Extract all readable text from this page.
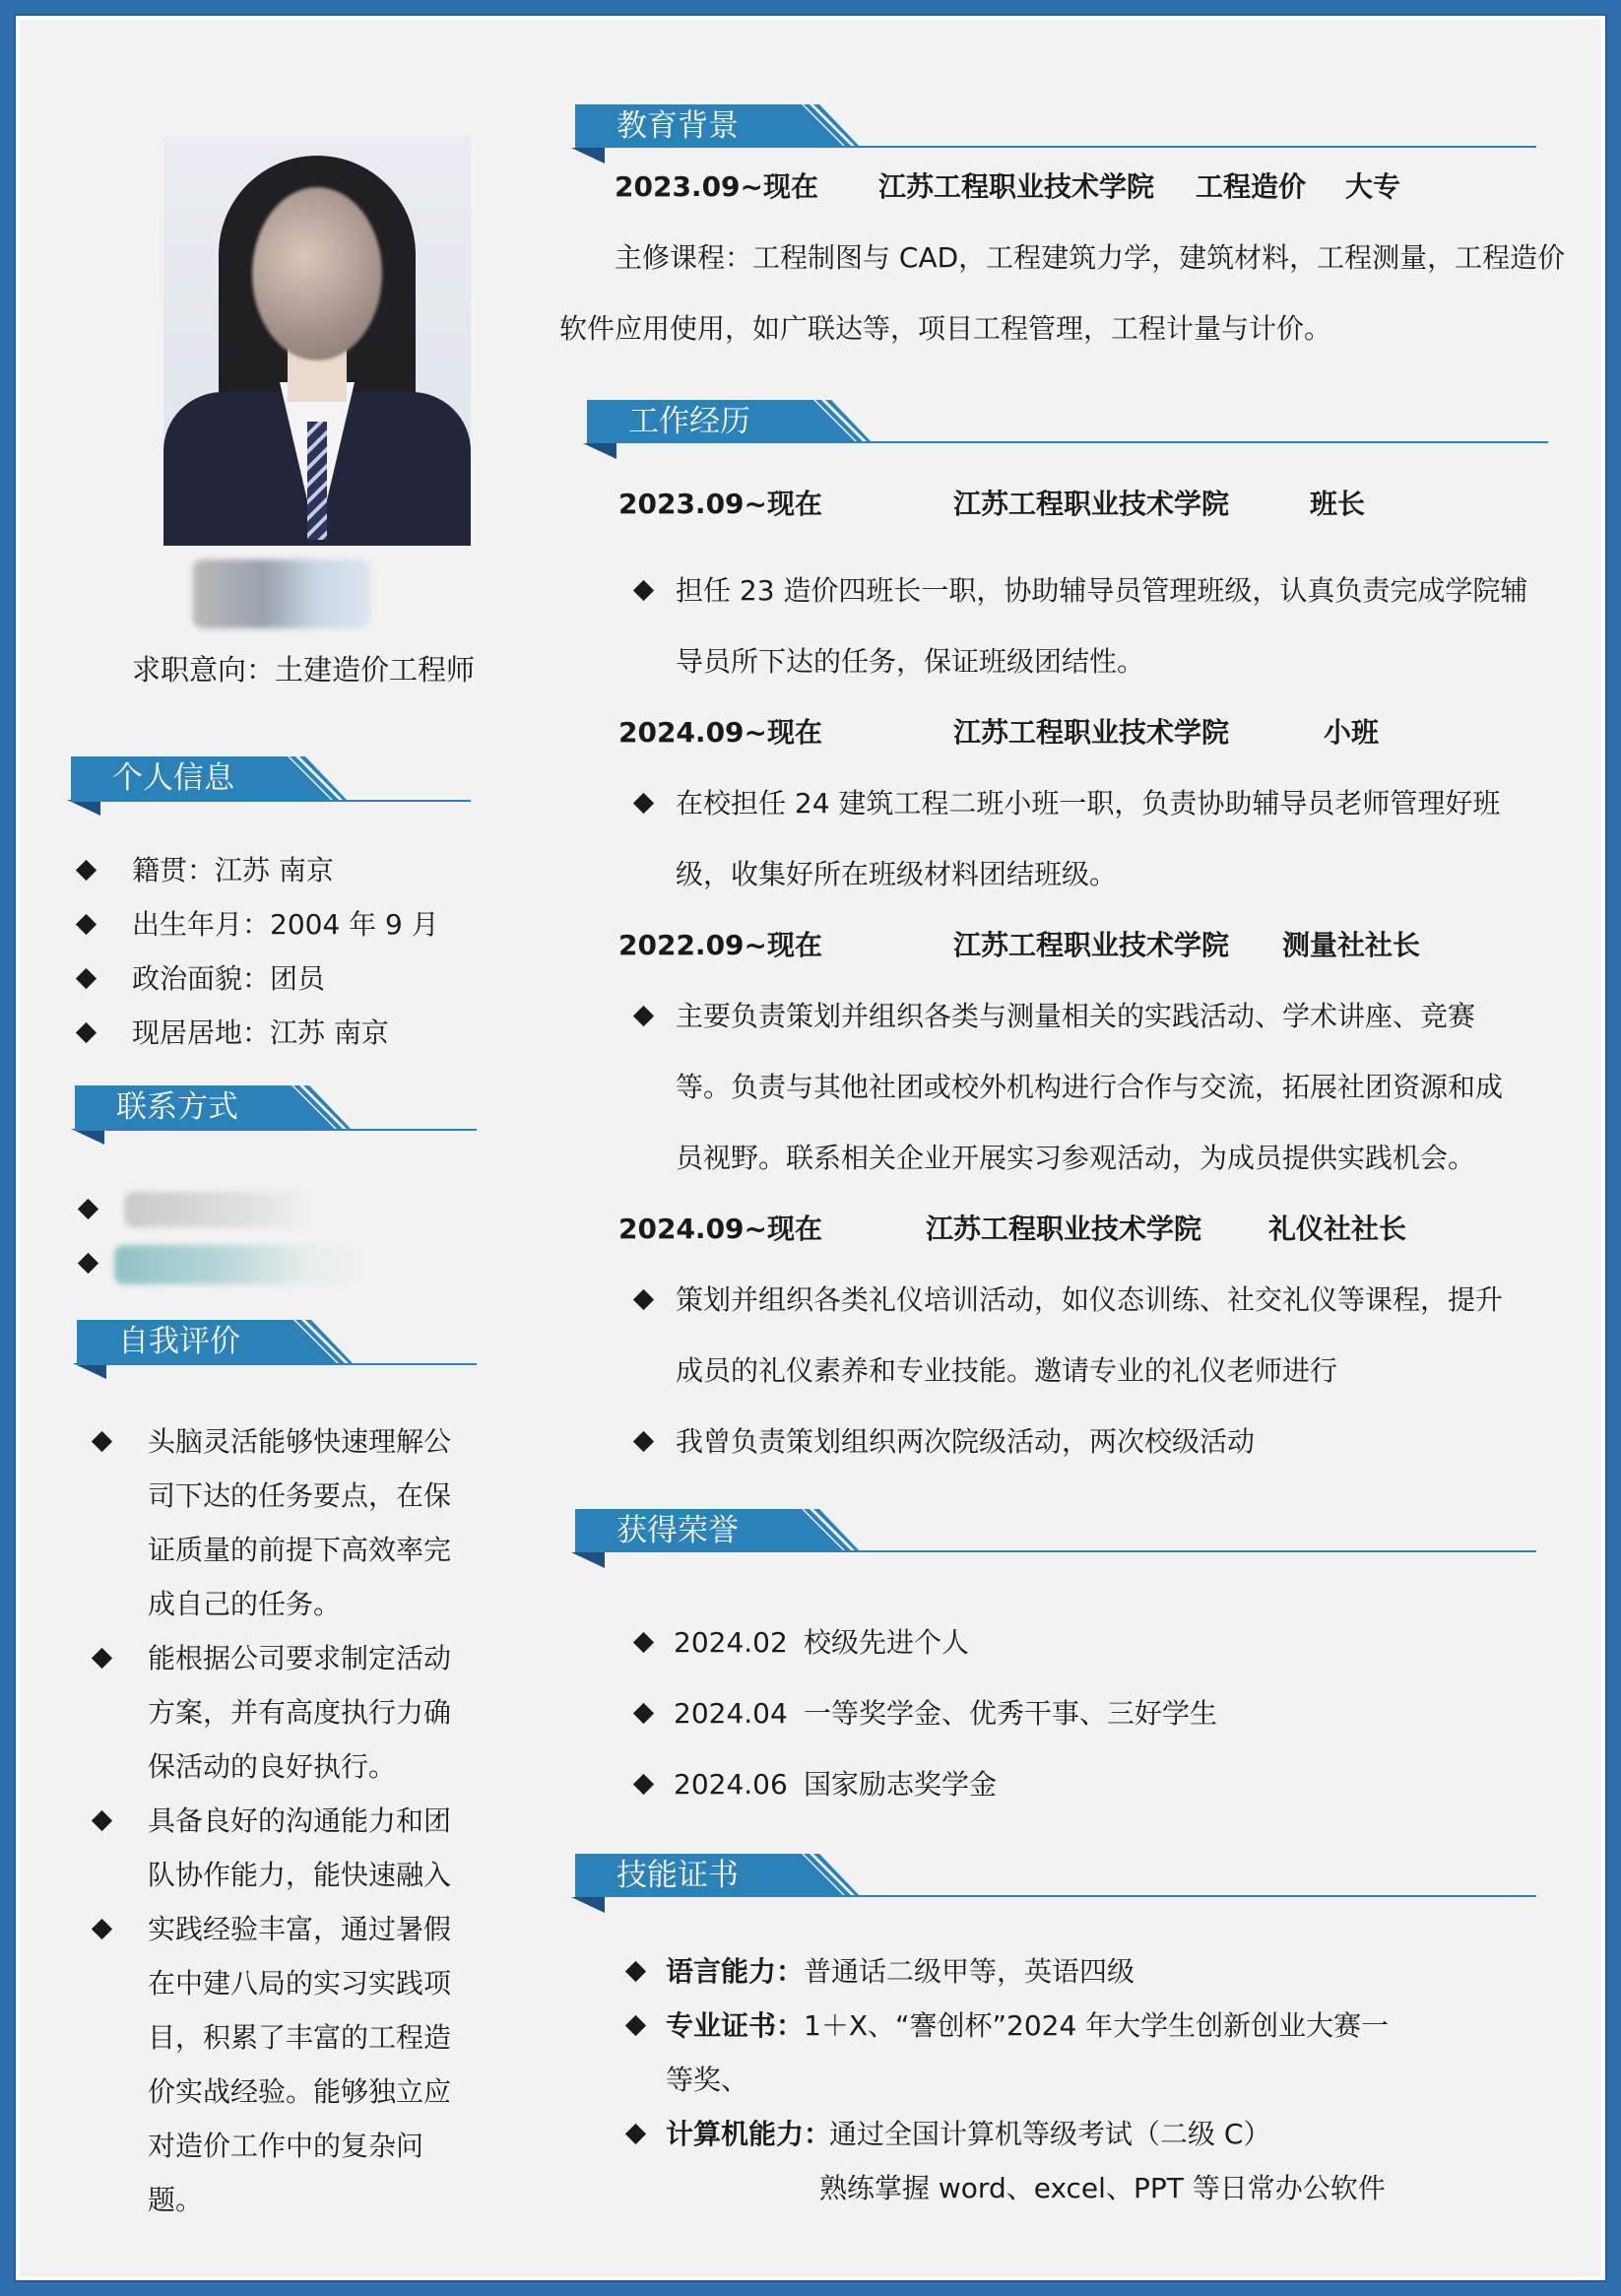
求职意向：土建造价工程师
个人信息
籍贯：江苏 南京
出生年月：2004 年 9 月
政治面貌：团员
现居居地：江苏 南京
联系方式
自我评价
头脑灵活能够快速理解公
司下达的任务要点，在保
证质量的前提下高效率完
成自己的任务。
能根据公司要求制定活动
方案，并有高度执行力确
保活动的良好执行。
具备良好的沟通能力和团
队协作能力，能快速融入
实践经验丰富，通过暑假
在中建八局的实习实践项
目，积累了丰富的工程造
价实战经验。能够独立应
对造价工作中的复杂问
题。
教育背景
2023.09~现在 江苏工程职业技术学院 工程造价 大专
主修课程：工程制图与 CAD，工程建筑力学，建筑材料，工程测量，工程造价
软件应用使用，如广联达等，项目工程管理，工程计量与计价。
工作经历
2023.09~现在	江苏工程职业技术学院	班长
担任 23 造价四班长一职，协助辅导员管理班级，认真负责完成学院辅
导员所下达的任务，保证班级团结性。
2024.09~现在	江苏工程职业技术学院	小班
在校担任 24 建筑工程二班小班一职，负责协助辅导员老师管理好班
级，收集好所在班级材料团结班级。
2022.09~现在	江苏工程职业技术学院 测量社社长
主要负责策划并组织各类与测量相关的实践活动、学术讲座、竞赛
等。负责与其他社团或校外机构进行合作与交流，拓展社团资源和成
员视野。联系相关企业开展实习参观活动，为成员提供实践机会。
2024.09~现在	江苏工程职业技术学院 礼仪社社长
策划并组织各类礼仪培训活动，如仪态训练、社交礼仪等课程，提升
成员的礼仪素养和专业技能。邀请专业的礼仪老师进行
我曾负责策划组织两次院级活动，两次校级活动
获得荣誉
2024.02 校级先进个人
2024.04 一等奖学金、优秀干事、三好学生
2024.06 国家励志奖学金
技能证书
语言能力： 普通话二级甲等，英语四级
专业证书： 1＋X、“謇创杯”2024 年大学生创新创业大赛一
等奖、
计算机能力：
通过全国计算机等级考试（二级 C）
熟练掌握 word、excel、PPT 等日常办公软件
